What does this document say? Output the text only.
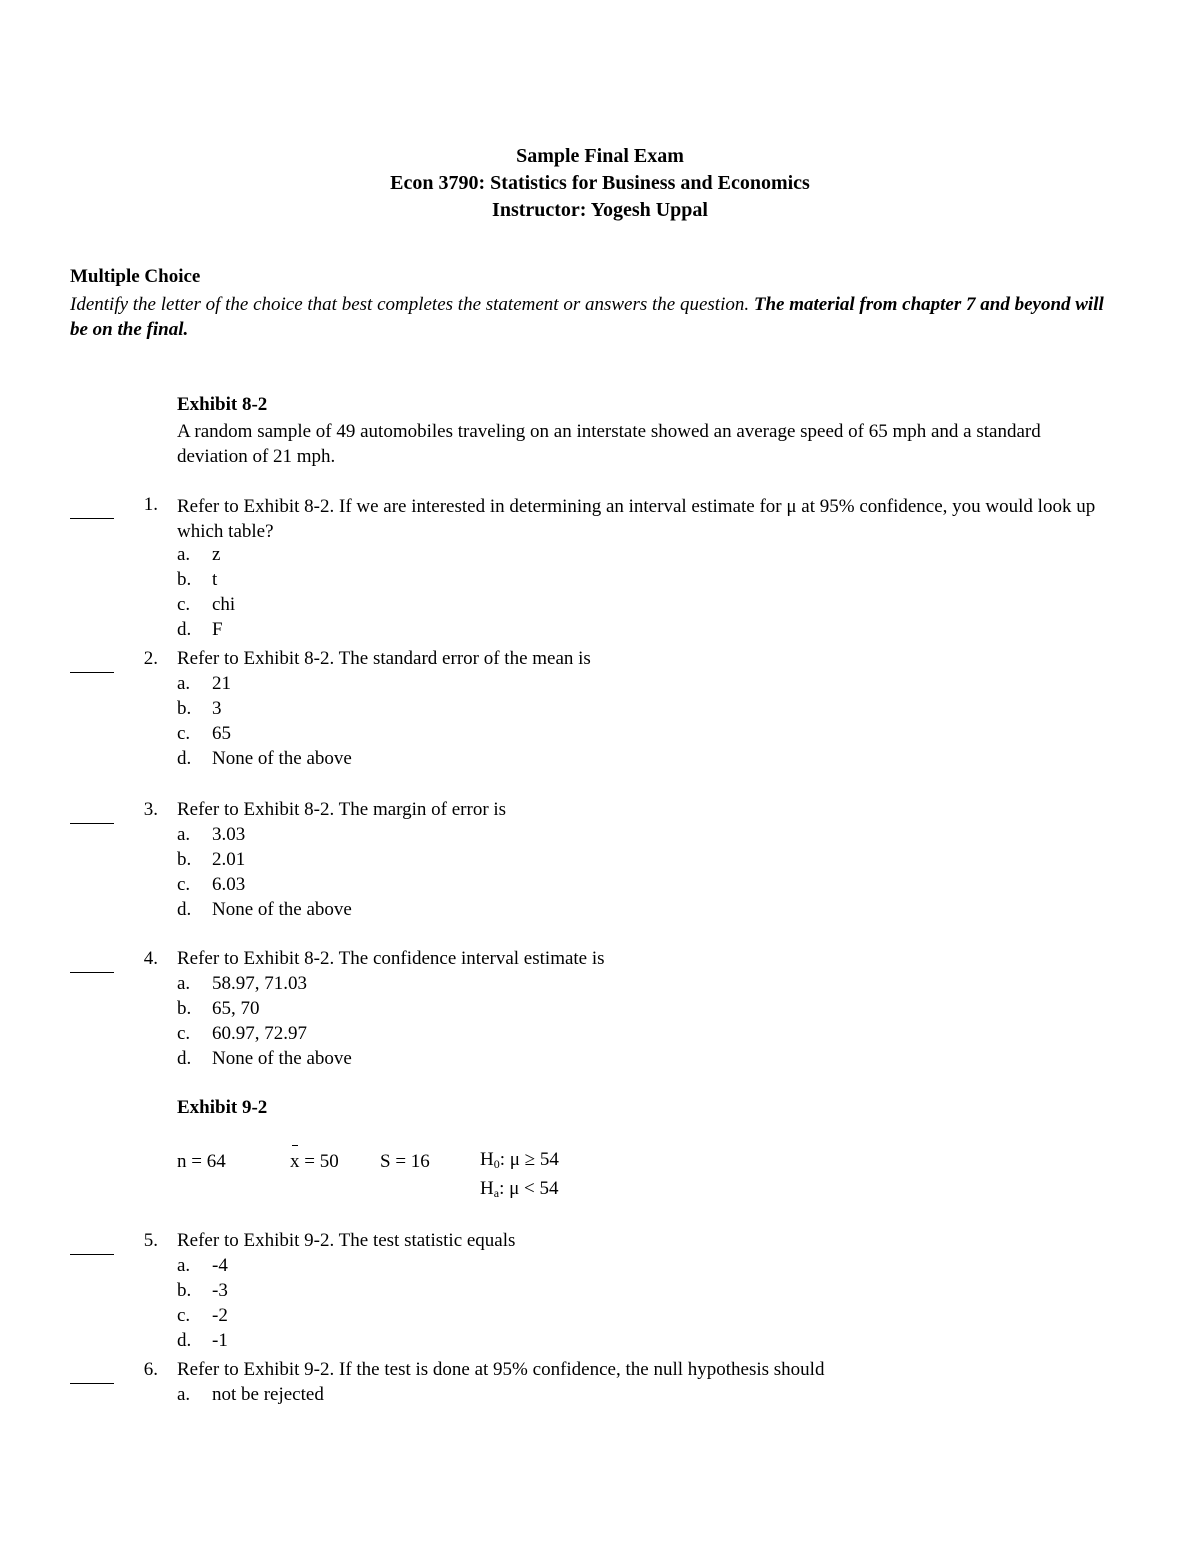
Sample Final Exam
Econ 3790: Statistics for Business and Economics
Instructor: Yogesh Uppal
Multiple Choice
Identify the letter of the choice that best completes the statement or answers the question. The material from chapter 7 and beyond will be on the final.
Exhibit 8-2
A random sample of 49 automobiles traveling on an interstate showed an average speed of 65 mph and a standard deviation of 21 mph.
1. Refer to Exhibit 8-2. If we are interested in determining an interval estimate for μ at 95% confidence, you would look up which table?
a.	z
b.	t
c.	chi
d.	F
2. Refer to Exhibit 8-2. The standard error of the mean is
a.	21
b.	3
c.	65
d.	None of the above
3. Refer to Exhibit 8-2. The margin of error is
a.	3.03
b.	2.01
c.	6.03
d.	None of the above
4. Refer to Exhibit 8-2. The confidence interval estimate is
a.	58.97, 71.03
b.	65, 70
c.	60.97, 72.97
d.	None of the above
Exhibit 9-2
n = 64	x = 50 S = 16	$H_0$: μ ≥ 54
$H_a$: μ < 54
5. Refer to Exhibit 9-2. The test statistic equals
a.	-4
b.	-3
c.	-2
d.	-1
6. Refer to Exhibit 9-2. If the test is done at 95% confidence, the null hypothesis should
a.	not be rejected
